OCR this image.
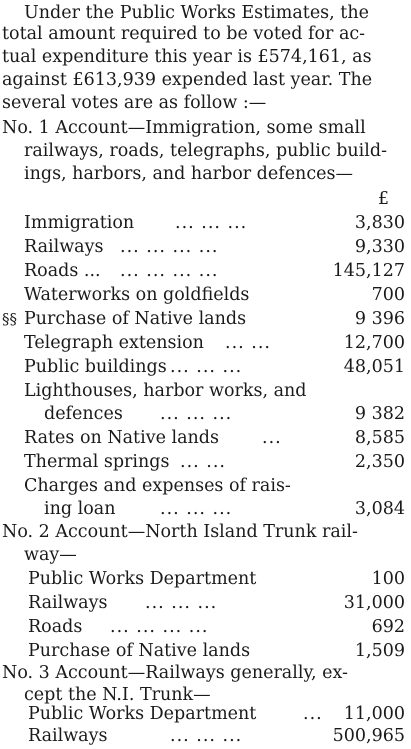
Under the Public Works Estimates, the
total amount required to be voted for ac-
tual expenditure this year is £574,161, as
against £613,939 expended last year. The
several votes are as follow :—
No. 1 Account—Immigration, some small
railways, roads, telegraphs, public build-
ings, harbors, and harbor defences—
£
Immigration ... ... ...	3,830
Railways ... ... ... ...	9,330
Roads ... ... ... ... ...	145,127
Waterworks on goldfields	700
§§ Purchase of Native lands	9 396
Telegraph extension ... ...	12,700
Public buildings ... ... ...	48,051
Lighthouses, harbor works, and
defences ... ... ...	9 382
Rates on Native lands ...	8,585
Thermal springs ... ...	2,350
Charges and expenses of rais-
ing loan	... ... ...	3,084
No. 2 Account—North Island Trunk rail-
way—
Public Works Department	100
Railways ... ... ...	31,000
Roads ... ... ... ...	692
Purchase of Native lands	1,509
No. 3 Account—Railways generally, ex-
cept the N.I. Trunk—
Public Works Department	... 11,000
Railways	... ... ...	500,965
